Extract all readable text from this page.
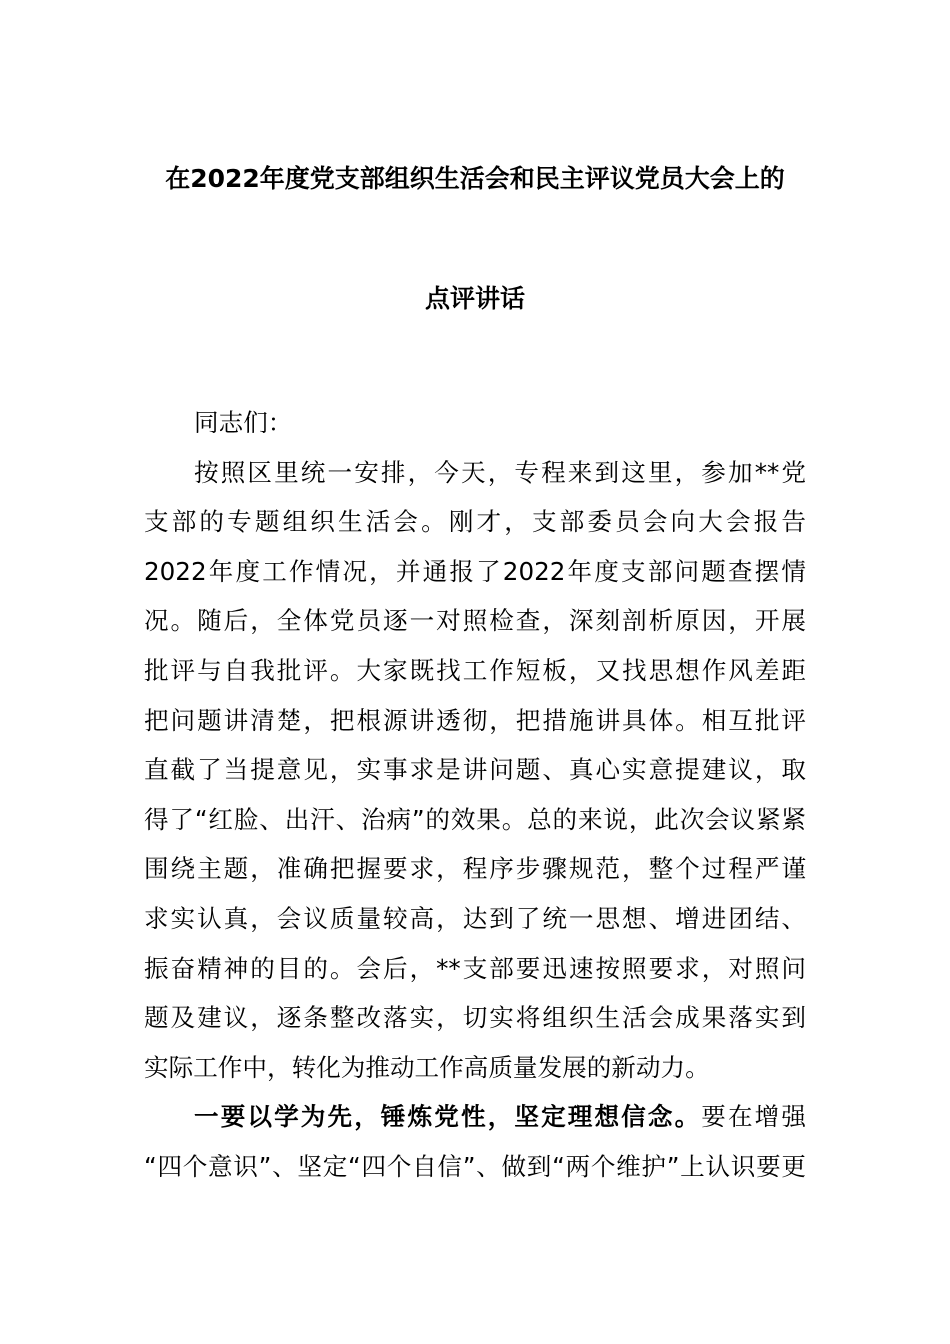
在2022年度党支部组织生活会和民主评议党员大会上的
点评讲话
同志们：
按照区里统一安排，今天，专程来到这里，参加**党
支部的专题组织生活会。刚才，支部委员会向大会报告
2022年度工作情况，并通报了2022年度支部问题查摆情
况。随后，全体党员逐一对照检查，深刻剖析原因，开展
批评与自我批评。大家既找工作短板，又找思想作风差距
把问题讲清楚，把根源讲透彻，把措施讲具体。相互批评
直截了当提意见，实事求是讲问题、真心实意提建议，取
得了“红脸、出汗、治病”的效果。总的来说，此次会议紧紧
围绕主题，准确把握要求，程序步骤规范，整个过程严谨
求实认真，会议质量较高，达到了统一思想、增进团结、
振奋精神的目的。会后，**支部要迅速按照要求，对照问
题及建议，逐条整改落实，切实将组织生活会成果落实到
实际工作中，转化为推动工作高质量发展的新动力。
一要以学为先，锤炼党性，坚定理想信念。要在增强
“四个意识”、坚定“四个自信”、做到“两个维护”上认识要更
